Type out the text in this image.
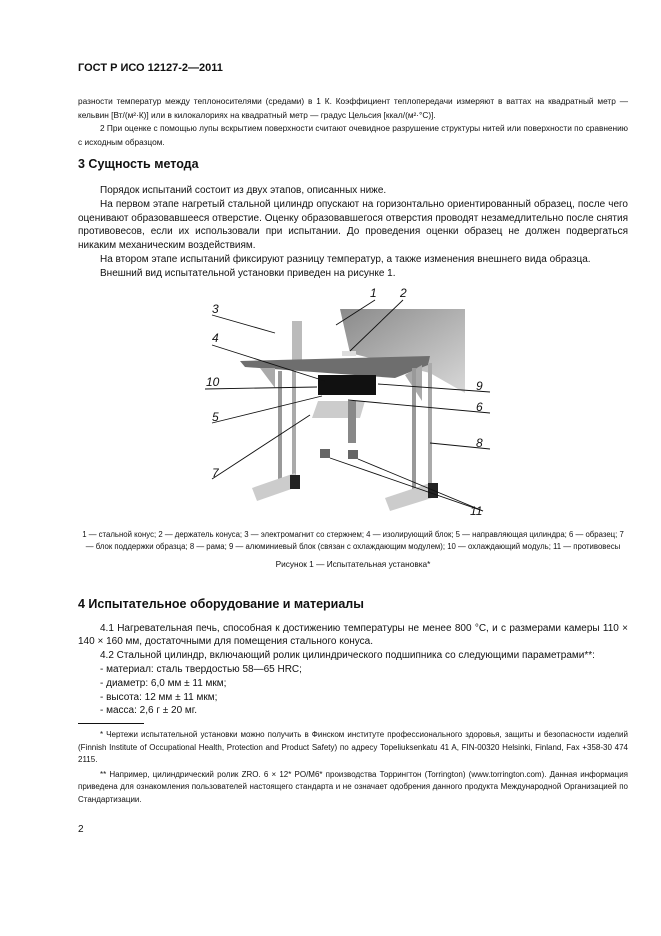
ГОСТ Р ИСО 12127-2—2011

разности температур между теплоносителями (средами) в 1 К. Коэффициент теплопередачи измеряют в ваттах на квадратный метр — кельвин [Вт/(м²·К)] или в килокалориях на квадратный метр — градус Цельсия [ккал/(м²·°С)].

2 При оценке с помощью лупы вскрытием поверхности считают очевидное разрушение структуры нитей или поверхности по сравнению с исходным образцом.

3 Сущность метода

Порядок испытаний состоит из двух этапов, описанных ниже.

На первом этапе нагретый стальной цилиндр опускают на горизонтально ориентированный образец, после чего оценивают образовавшееся отверстие. Оценку образовавшегося отверстия проводят незамедлительно после снятия противовесов, если их использовали при испытании. До проведения оценки образец не должен подвергаться никаким механическим воздействиям.

На втором этапе испытаний фиксируют разницу температур, а также изменения внешнего вида образца.

Внешний вид испытательной установки приведен на рисунке 1.

1 2
3
4
10	9
5
6
8
7
11
1 — стальной конус; 2 — держатель конуса; 3 — электромагнит со стержнем; 4 — изолирующий блок; 5 — направляющая цилиндра; 6 — образец; 7 — блок поддержки образца; 8 — рама; 9 — алюминиевый блок (связан с охлаждающим модулем); 10 — охлаждающий модуль; 11 — противовесы
Рисунок 1 — Испытательная установка*
4 Испытательное оборудование и материалы

4.1 Нагревательная печь, способная к достижению температуры не менее 800 °С, и с размерами камеры 110 × 140 × 160 мм, достаточными для помещения стального конуса.

4.2 Стальной цилиндр, включающий ролик цилиндрического подшипника со следующими параметрами**:

- материал: сталь твердостью 58—65 HRC;

- диаметр: 6,0 мм ± 11 мкм;

- высота: 12 мм ± 11 мкм;

- масса: 2,6 г ± 20 мг.

* Чертежи испытательной установки можно получить в Финском институте профессионального здоровья, защиты и безопасности изделий (Finnish Institute of Occupational Health, Protection and Product Safety) по адресу Topeliuksenkatu 41 A, FIN-00320 Helsinki, Finland, Fax +358-30 474 2115.

** Например, цилиндрический ролик ZRO. 6 × 12* PO/M6* производства Торрингтон (Torrington) (www.torrington.com). Данная информация приведена для ознакомления пользователей настоящего стандарта и не означает одобрения данного продукта Международной Организацией по Стандартизации.

2
